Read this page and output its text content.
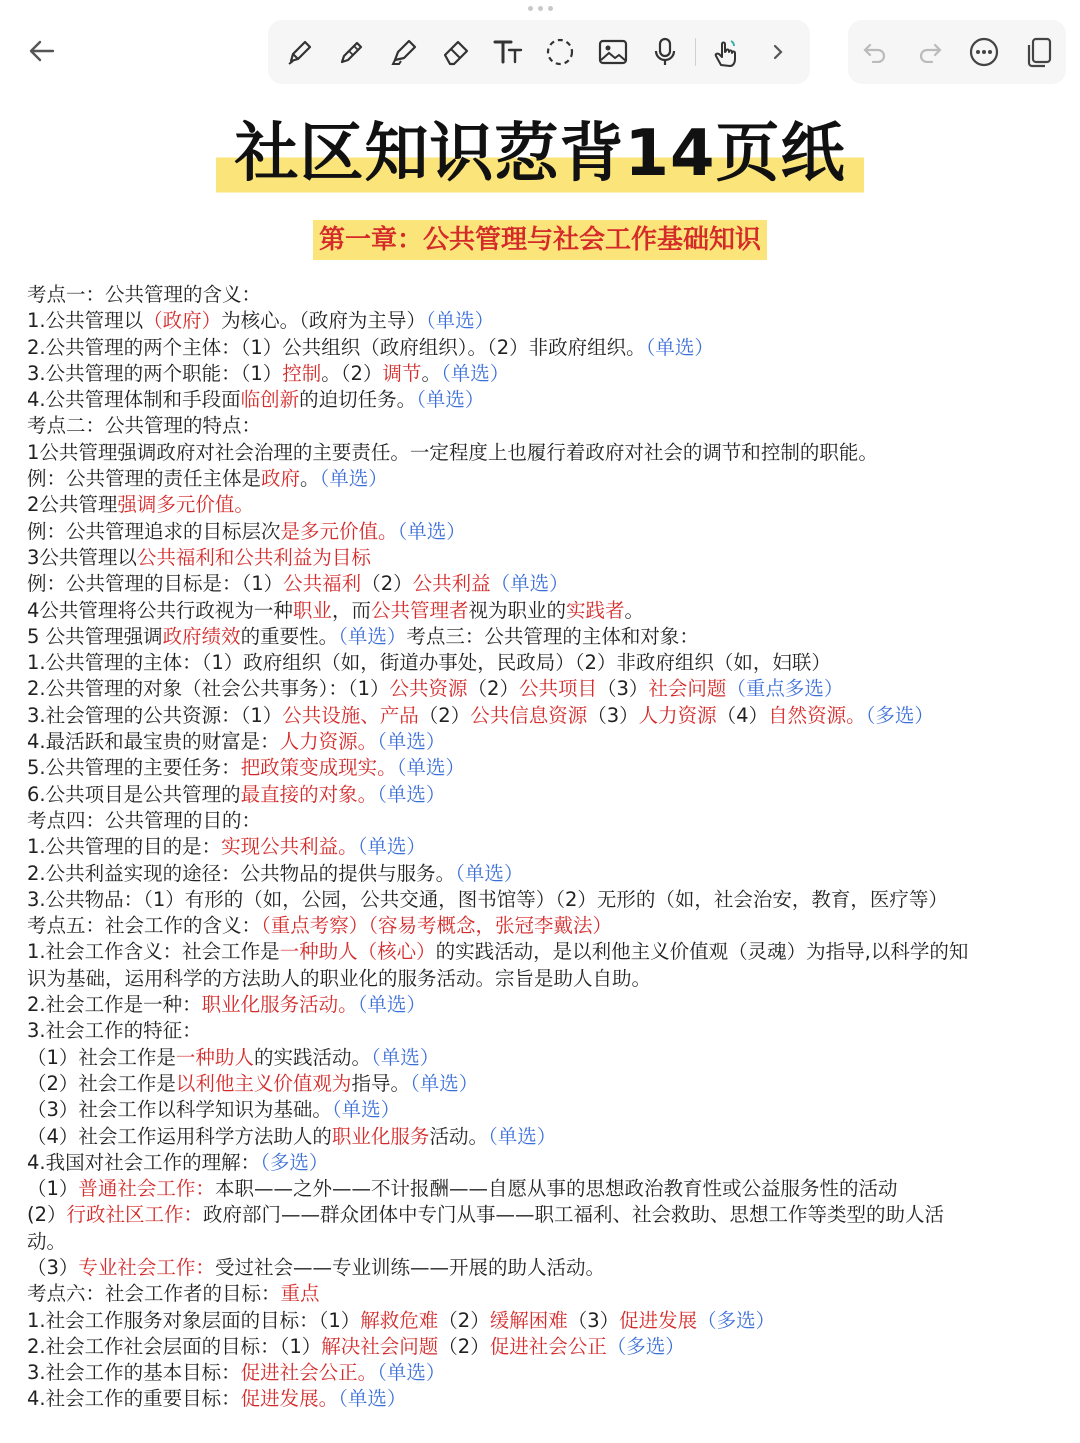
社区知识荵背14页纸
第一章：公共管理与社会工作基础知识
考点一：公共管理的含义：
1.公共管理以（政府）为核心。（政府为主导）（单选）
2.公共管理的两个主体：（1）公共组织（政府组织）。（2）非政府组织。（单选）
3.公共管理的两个职能：（1）控制。（2）调节。（单选）
4.公共管理体制和手段面临创新的迫切任务。（单选）
考点二：公共管理的特点：
1公共管理强调政府对社会治理的主要责任。一定程度上也履行着政府对社会的调节和控制的职能。
例：公共管理的责任主体是政府。（单选）
2公共管理强调多元价值。
例：公共管理追求的目标层次是多元价值。（单选）
3公共管理以公共福利和公共利益为目标
例：公共管理的目标是：（1）公共福利（2）公共利益（单选）
4公共管理将公共行政视为一种职业，而公共管理者视为职业的实践者。
5 公共管理强调政府绩效的重要性。（单选）考点三：公共管理的主体和对象：
1.公共管理的主体：（1）政府组织（如，街道办事处，民政局）（2）非政府组织（如，妇联）
2.公共管理的对象（社会公共事务）：（1）公共资源（2）公共项目（3）社会问题（重点多选）
3.社会管理的公共资源：（1）公共设施、产品（2）公共信息资源（3）人力资源（4）自然资源。（多选）
4.最活跃和最宝贵的财富是：人力资源。（单选）
5.公共管理的主要任务：把政策变成现实。（单选）
6.公共项目是公共管理的最直接的对象。（单选）
考点四：公共管理的目的：
1.公共管理的目的是：实现公共利益。（单选）
2.公共利益实现的途径：公共物品的提供与服务。（单选）
3.公共物品：（1）有形的（如，公园，公共交通，图书馆等）（2）无形的（如，社会治安，教育，医疗等）
考点五：社会工作的含义：（重点考察）（容易考概念，张冠李戴法）
1.社会工作含义：社会工作是一种助人（核心）的实践活动，是以利他主义价值观（灵魂）为指导,以科学的知
识为基础，运用科学的方法助人的职业化的服务活动。宗旨是助人自助。
2.社会工作是一种：职业化服务活动。（单选）
3.社会工作的特征：
（1）社会工作是一种助人的实践活动。（单选）
（2）社会工作是以利他主义价值观为指导。（单选）
（3）社会工作以科学知识为基础。（单选）
（4）社会工作运用科学方法助人的职业化服务活动。（单选）
4.我国对社会工作的理解：（多选）
（1）普通社会工作：本职——之外——不计报酬——自愿从事的思想政治教育性或公益服务性的活动
(2）行政社区工作：政府部门——群众团体中专门从事——职工福利、社会救助、思想工作等类型的助人活
动。
（3）专业社会工作：受过社会——专业训练——开展的助人活动。
考点六：社会工作者的目标：重点
1.社会工作服务对象层面的目标：（1）解救危难（2）缓解困难（3）促进发展（多选）
2.社会工作社会层面的目标：（1）解决社会问题（2）促进社会公正（多选）
3.社会工作的基本目标：促进社会公正。（单选）
4.社会工作的重要目标：促进发展。（单选）
